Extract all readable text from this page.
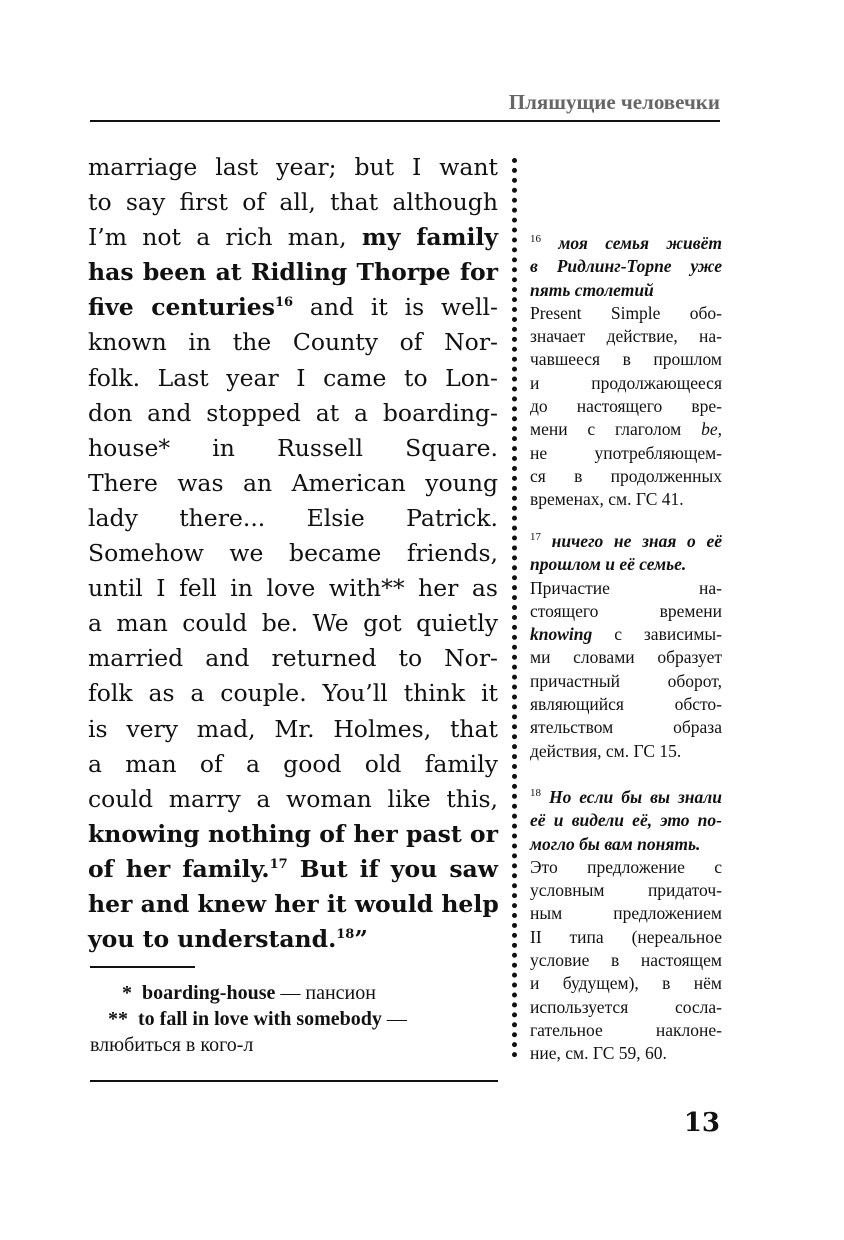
Пляшущие человечки
marriage last year; but I want
to say first of all, that although
I’m not a rich man, my family
has been at Ridling Thorpe for
five centuries$^{16}$ and it is well-
known in the County of Nor-
folk. Last year I came to Lon-
don and stopped at a boarding-
house* in Russell Square.
There was an American young
lady there... Elsie Patrick.
Somehow we became friends,
until I fell in love with** her as
a man could be. We got quietly
married and returned to Nor-
folk as a couple. You’ll think it
is very mad, Mr. Holmes, that
a man of a good old family
could marry a woman like this,
knowing nothing of her past or
of her family.$^{17}$ But if you saw
her and knew her it would help
you to understand.$^{18}$”
* boarding-house — пансион
** to fall in love with somebody —
влюбиться в кого-л
$^{16}$ моя семья живёт
в Ридлинг-Торпе уже
пять столетий
Present Simple обо-
значает действие, на-
чавшееся в прошлом
и продолжающееся
до настоящего вре-
мени с глаголом be,
не употребляющем-
ся в продолженных
временах, см. ГС 41.
$^{17}$ ничего не зная о её
прошлом и её семье.
Причастие на-
стоящего времени
knowing с зависимы-
ми словами образует
причастный оборот,
являющийся обсто-
ятельством образа
действия, см. ГС 15.
$^{18}$ Но если бы вы знали
её и видели её, это по-
могло бы вам понять.
Это предложение с
условным придаточ-
ным предложением
II типа (нереальное
условие в настоящем
и будущем), в нём
используется сосла-
гательное наклоне-
ние, см. ГС 59, 60.
13
